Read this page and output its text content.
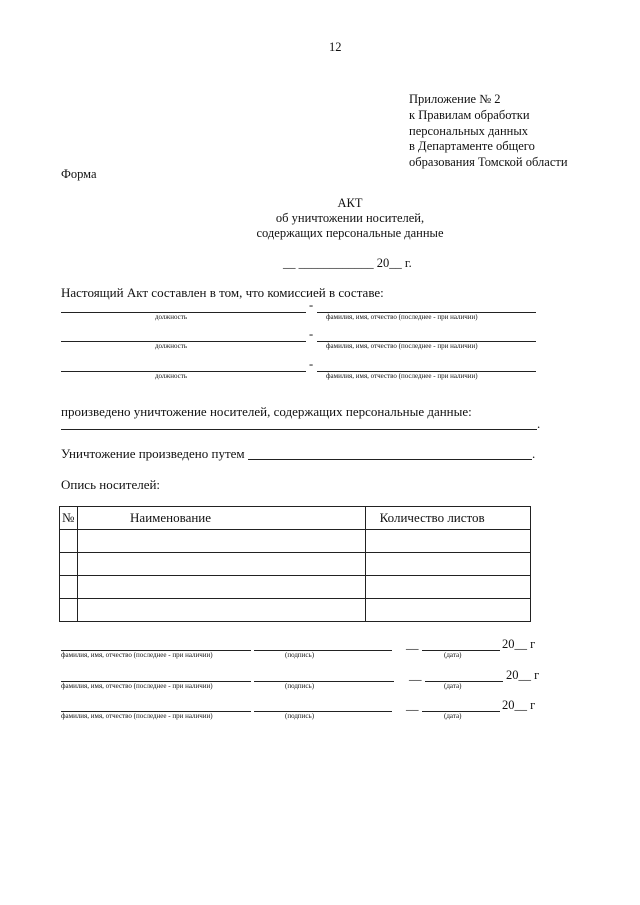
12
Приложение № 2
к Правилам обработки
персональных данных
в Департаменте общего
образования Томской области
Форма
АКТ
об уничтожении носителей,
содержащих персональные данные
__ ____________ 20__ г.
Настоящий Акт составлен в том, что комиссией в составе:
-
должность	фамилия, имя, отчество (последнее - при наличии)
-
должность	фамилия, имя, отчество (последнее - при наличии)
-
должность	фамилия, имя, отчество (последнее - при наличии)
произведено уничтожение носителей, содержащих персональные данные:
.
Уничтожение произведено путем	.
Опись носителей:
№	Наименование	Количество листов

__	20__ г
фамилия, имя, отчество (последнее - при наличии)	(подпись)	(дата)
__	20__ г
фамилия, имя, отчество (последнее - при наличии)	(подпись)	(дата)
__	20__ г
фамилия, имя, отчество (последнее - при наличии)	(подпись)	(дата)
